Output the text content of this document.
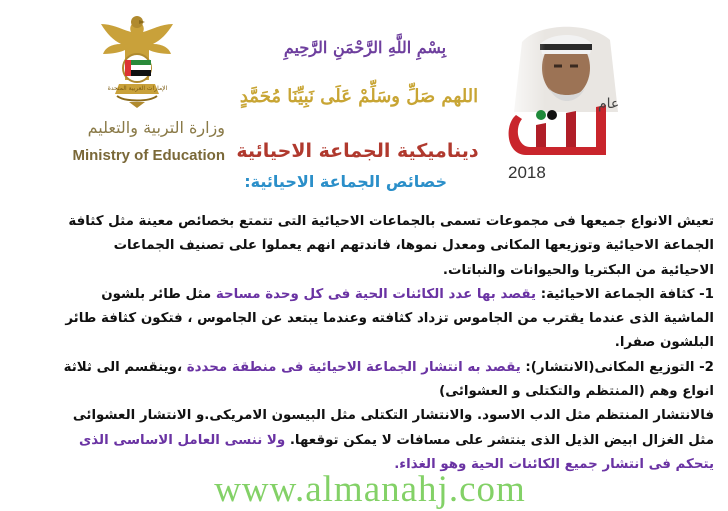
الإمارات العربية المتحدة
وزارة التربية والتعليم
Ministry of Education
بِسْمِ اللَّهِ الرَّحْمَنِ الرَّحِيمِ
اللهم صَلِّ وسَلِّمْ عَلَى نَبِيِّنَا مُحَمَّدٍ
ديناميكية الجماعة الاحيائية
خصائص الجماعة الاحيائية:
عام
2018

تعيش الانواع جميعها فى مجموعات تسمى بالجماعات الاحيائية التى تتمتع بخصائص معينة مثل كثافة الجماعة الاحيائية وتوزيعها المكانى ومعدل نموها، فاندتهم انهم يعملوا على تصنيف الجماعات الاحيائية من البكتريا والحيوانات والنباتات.

1- كثافة الجماعة الاحيائية: يقصد بها عدد الكائنات الحية فى كل وحدة مساحة مثل طائر بلشون الماشية الذى عندما يقترب من الجاموس تزداد كثافته وعندما يبتعد عن الجاموس ، فتكون كثافة طائر البلشون صفرا.

2- التوزيع المكانى(الانتشار): يقصد به انتشار الجماعة الاحيائية فى منطقة محددة ،وينقسم الى ثلاثة انواع وهم (المنتظم والتكتلى و العشوائى)

فالانتشار المنتظم مثل الدب الاسود. والانتشار التكتلى مثل البيسون الامريكى.و الانتشار العشوائى مثل الغزال ابيض الذيل الذى ينتشر على مسافات لا يمكن توقعها. ولا ننسى العامل الاساسى الذى يتحكم فى انتشار جميع الكائنات الحية وهو الغذاء.

www.almanahj.com
